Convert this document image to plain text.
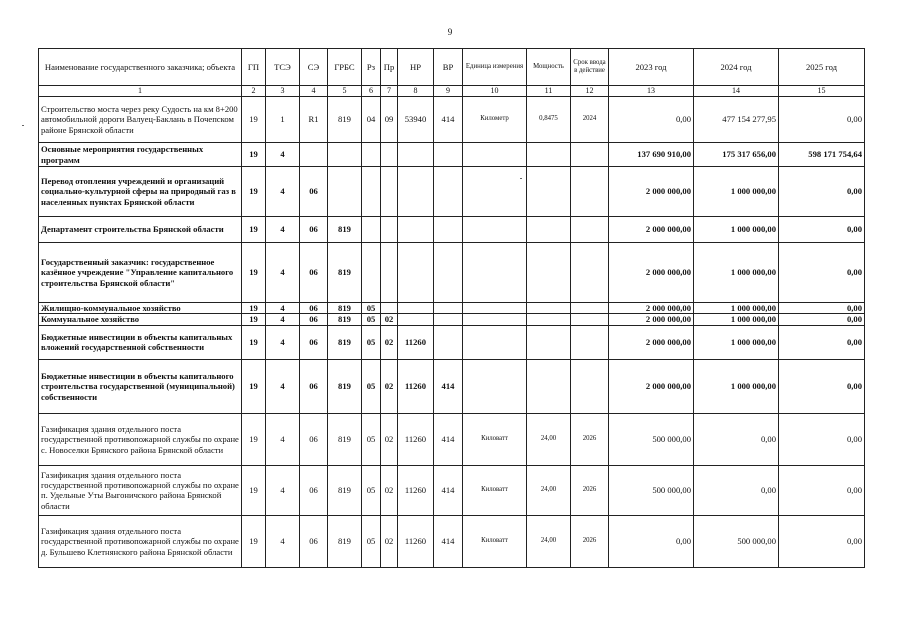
9
Наименование государственного заказчика; объекта	ГП	ТСЭ	СЭ	ГРБС	Рз	Пр	НР	ВР	Единица измерения	Мощность	Срок ввода в действие	2023 год	2024 год	2025 год
1	2	3	4	5	6	7	8	9	10	11	12	13	14	15
Строительство моста через реку Судость на км 8+200 автомобильной дороги Валуец-Баклань в Почепском районе Брянской области	19	1	R1	819	04	09	53940	414	Километр	0,8475	2024	0,00	477 154 277,95	0,00
Основные мероприятия государственных программ	19	4										137 690 910,00	175 317 656,00	598 171 754,64
Перевод отопления учреждений и организаций социально-культурной сферы на природный газ в населенных пунктах Брянской области	19	4	06									2 000 000,00	1 000 000,00	0,00
Департамент строительства Брянской области	19	4	06	819								2 000 000,00	1 000 000,00	0,00
Государственный заказчик: государственное казённое учреждение "Управление капитального строительства Брянской области"	19	4	06	819								2 000 000,00	1 000 000,00	0,00
Жилищно-коммунальное хозяйство	19	4	06	819	05							2 000 000,00	1 000 000,00	0,00
Коммунальное хозяйство	19	4	06	819	05	02						2 000 000,00	1 000 000,00	0,00
Бюджетные инвестиции в объекты капитальных вложений государственной собственности	19	4	06	819	05	02	11260					2 000 000,00	1 000 000,00	0,00
Бюджетные инвестиции в объекты капитального строительства государственной (муниципальной) собственности	19	4	06	819	05	02	11260	414				2 000 000,00	1 000 000,00	0,00
Газификация здания отдельного поста государственной противопожарной службы по охране с. Новоселки Брянского района Брянской области	19	4	06	819	05	02	11260	414	Киловатт	24,00	2026	500 000,00	0,00	0,00
Газификация здания отдельного поста государственной противопожарной службы по охране п. Удельные Уты Выгоничского района Брянской области	19	4	06	819	05	02	11260	414	Киловатт	24,00	2026	500 000,00	0,00	0,00
Газификация здания отдельного поста государственной противопожарной службы по охране д. Бульшево Клетнянского района Брянской области	19	4	06	819	05	02	11260	414	Киловатт	24,00	2026	0,00	500 000,00	0,00
